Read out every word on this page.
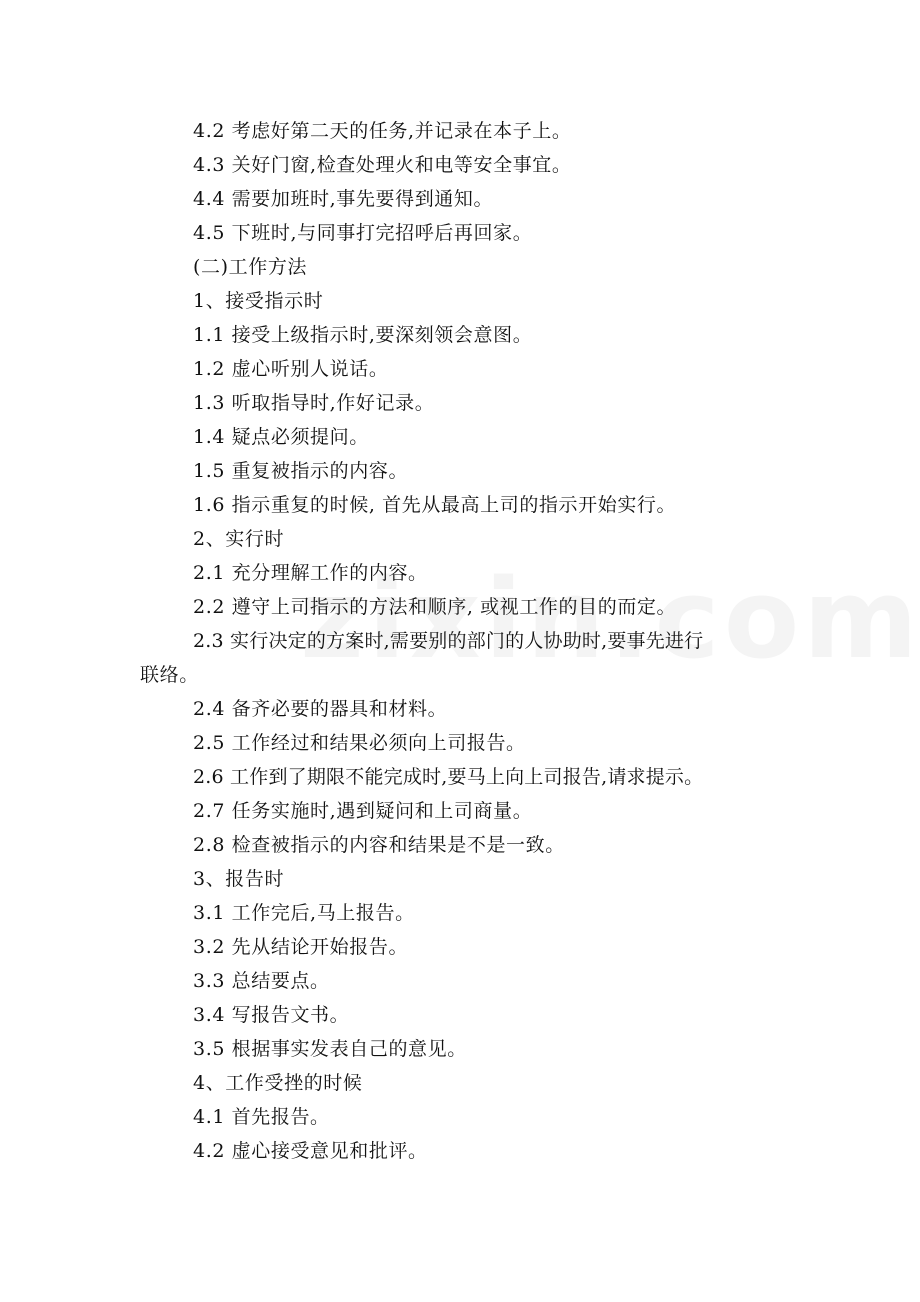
4.2 考虑好第二天的任务,并记录在本子上。
4.3 关好门窗,检查处理火和电等安全事宜。
4.4 需要加班时,事先要得到通知。
4.5 下班时,与同事打完招呼后再回家。
(二)工作方法
1、接受指示时
1.1 接受上级指示时,要深刻领会意图。
1.2 虚心听别人说话。
1.3 听取指导时,作好记录。
1.4 疑点必须提问。
1.5 重复被指示的内容。
1.6 指示重复的时候, 首先从最高上司的指示开始实行。
2、实行时
2.1 充分理解工作的内容。
2.2 遵守上司指示的方法和顺序, 或视工作的目的而定。
2.3 实行决定的方案时,需要别的部门的人协助时,要事先进行
联络。
2.4 备齐必要的器具和材料。
2.5 工作经过和结果必须向上司报告。
2.6 工作到了期限不能完成时,要马上向上司报告,请求提示。
2.7 任务实施时,遇到疑问和上司商量。
2.8 检查被指示的内容和结果是不是一致。
3、报告时
3.1 工作完后,马上报告。
3.2 先从结论开始报告。
3.3 总结要点。
3.4 写报告文书。
3.5 根据事实发表自己的意见。
4、工作受挫的时候
4.1 首先报告。
4.2 虚心接受意见和批评。
